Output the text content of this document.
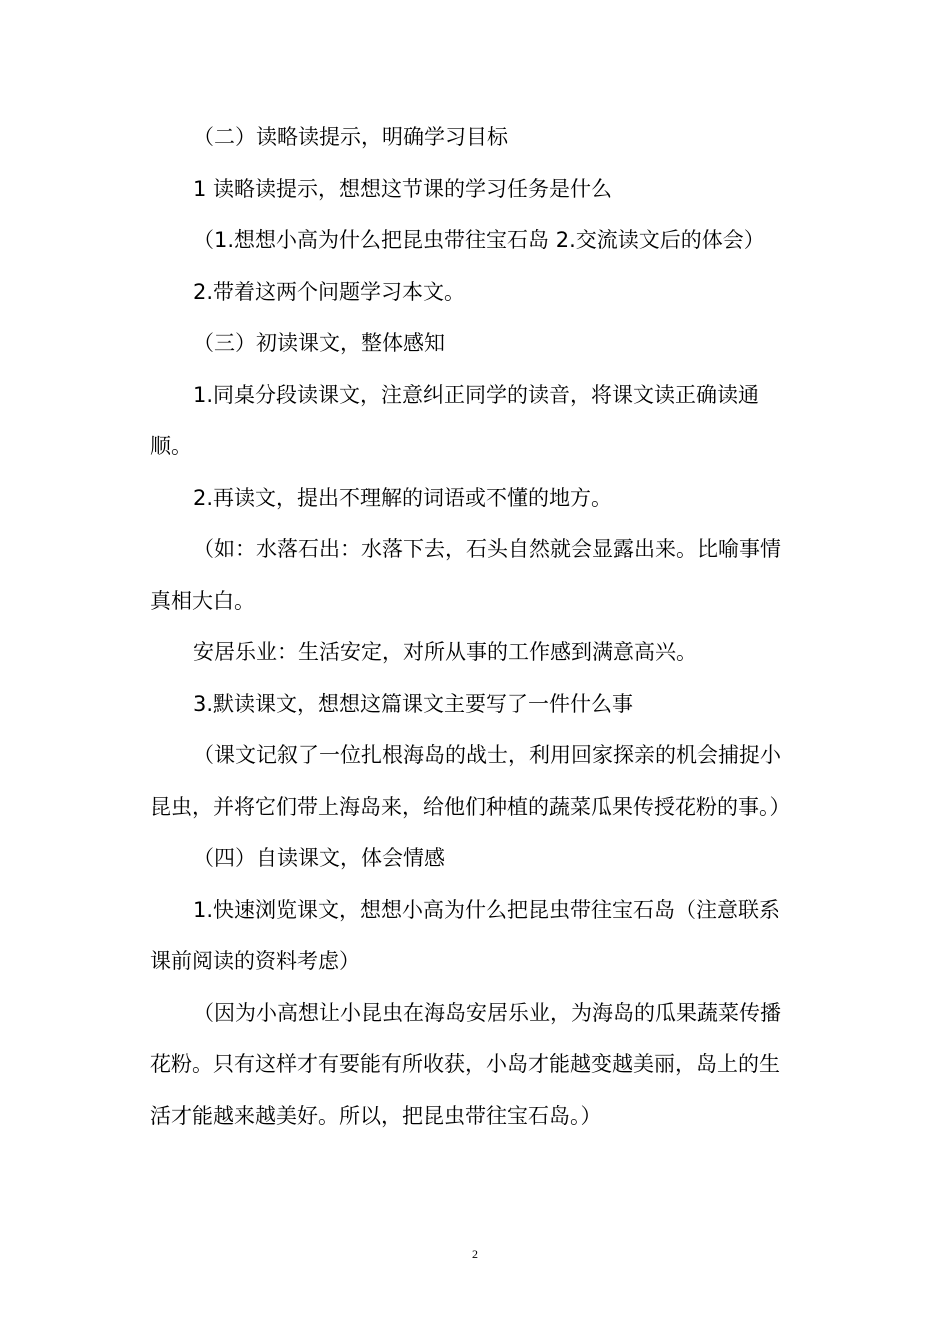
（二）读略读提示，明确学习目标

1 读略读提示，想想这节课的学习任务是什么

（1.想想小高为什么把昆虫带往宝石岛 2.交流读文后的体会）

2.带着这两个问题学习本文。

（三）初读课文，整体感知

1.同桌分段读课文，注意纠正同学的读音，将课文读正确读通顺。

2.再读文，提出不理解的词语或不懂的地方。

（如：水落石出：水落下去，石头自然就会显露出来。比喻事情真相大白。

安居乐业：生活安定，对所从事的工作感到满意高兴。

3.默读课文，想想这篇课文主要写了一件什么事

（课文记叙了一位扎根海岛的战士，利用回家探亲的机会捕捉小昆虫，并将它们带上海岛来，给他们种植的蔬菜瓜果传授花粉的事。）

（四）自读课文，体会情感

1.快速浏览课文，想想小高为什么把昆虫带往宝石岛（注意联系课前阅读的资料考虑）

（因为小高想让小昆虫在海岛安居乐业，为海岛的瓜果蔬菜传播花粉。只有这样才有要能有所收获，小岛才能越变越美丽，岛上的生活才能越来越美好。所以，把昆虫带往宝石岛。）

2
